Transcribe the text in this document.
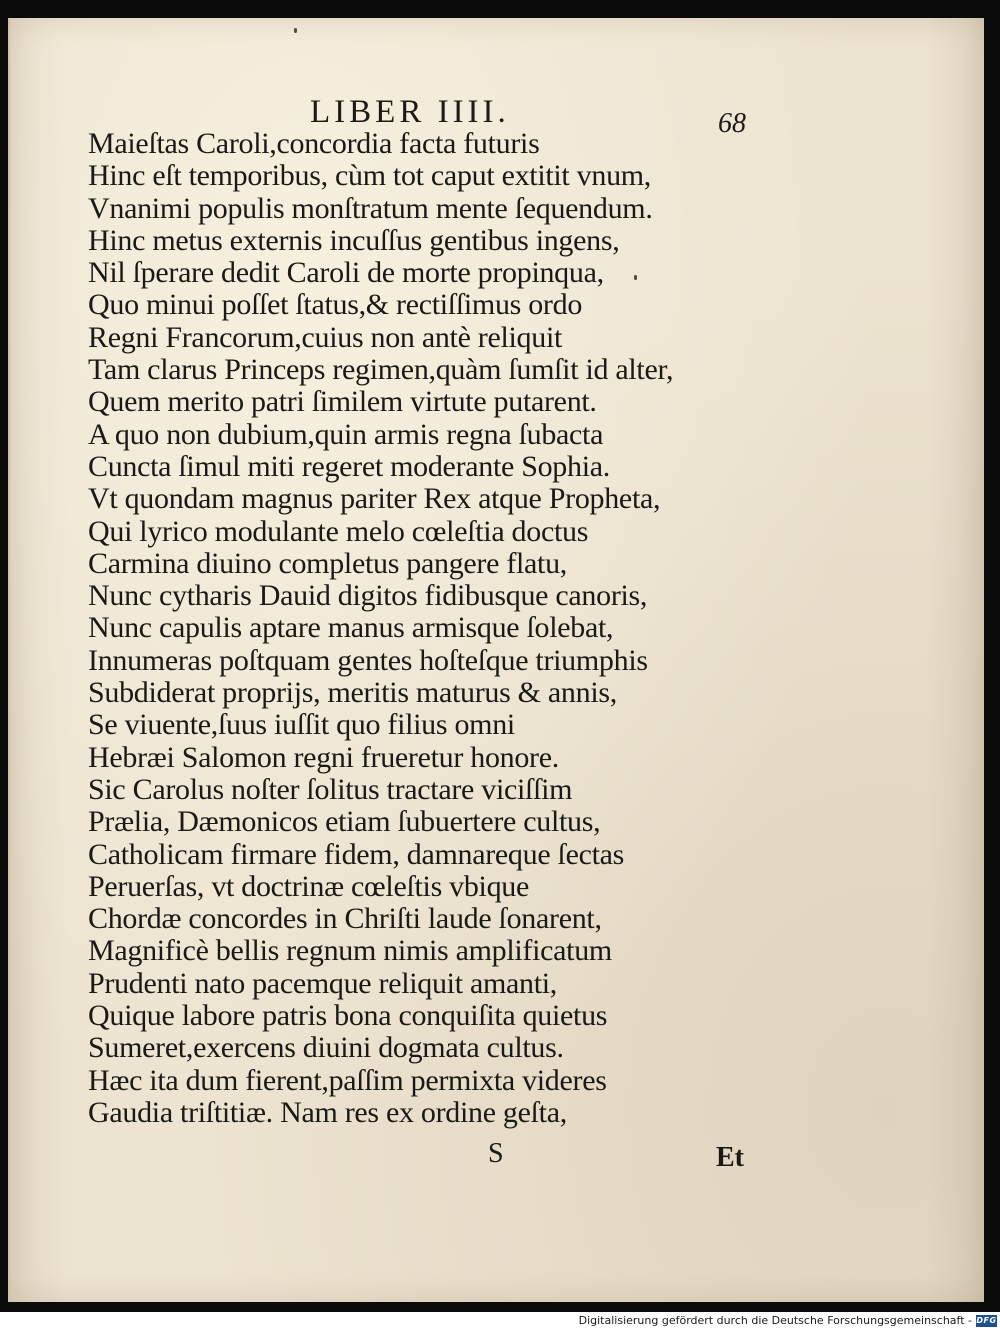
LIBER IIII.	68
Maieſtas Caroli,concordia facta futuris
Hinc eſt temporibus, cùm tot caput extitit vnum,
Vnanimi populis monſtratum mente ſequendum.
Hinc metus externis incuſſus gentibus ingens,
Nil ſperare dedit Caroli de morte propinqua,
Quo minui poſſet ſtatus,& rectiſſimus ordo
Regni Francorum,cuius non antè reliquit
Tam clarus Princeps regimen,quàm ſumſit id alter,
Quem merito patri ſimilem virtute putarent.
A quo non dubium,quin armis regna ſubacta
Cuncta ſimul miti regeret moderante Sophia.
Vt quondam magnus pariter Rex atque Propheta,
Qui lyrico modulante melo cœleſtia doctus
Carmina diuino completus pangere flatu,
Nunc cytharis Dauid digitos fidibusque canoris,
Nunc capulis aptare manus armisque ſolebat,
Innumeras poſtquam gentes hoſteſque triumphis
Subdiderat proprijs, meritis maturus & annis,
Se viuente,ſuus iuſſit quo filius omni
Hebræi Salomon regni frueretur honore.
Sic Carolus noſter ſolitus tractare viciſſim
Prælia, Dæmonicos etiam ſubuertere cultus,
Catholicam firmare fidem, damnareque ſectas
Peruerſas, vt doctrinæ cœleſtis vbique
Chordæ concordes in Chriſti laude ſonarent,
Magnificè bellis regnum nimis amplificatum
Prudenti nato pacemque reliquit amanti,
Quique labore patris bona conquiſita quietus
Sumeret,exercens diuini dogmata cultus.
Hæc ita dum fierent,paſſim permixta videres
Gaudia triſtitiæ. Nam res ex ordine geſta,
S	Et
Digitalisierung gefördert durch die Deutsche Forschungsgemeinschaft - DFG
